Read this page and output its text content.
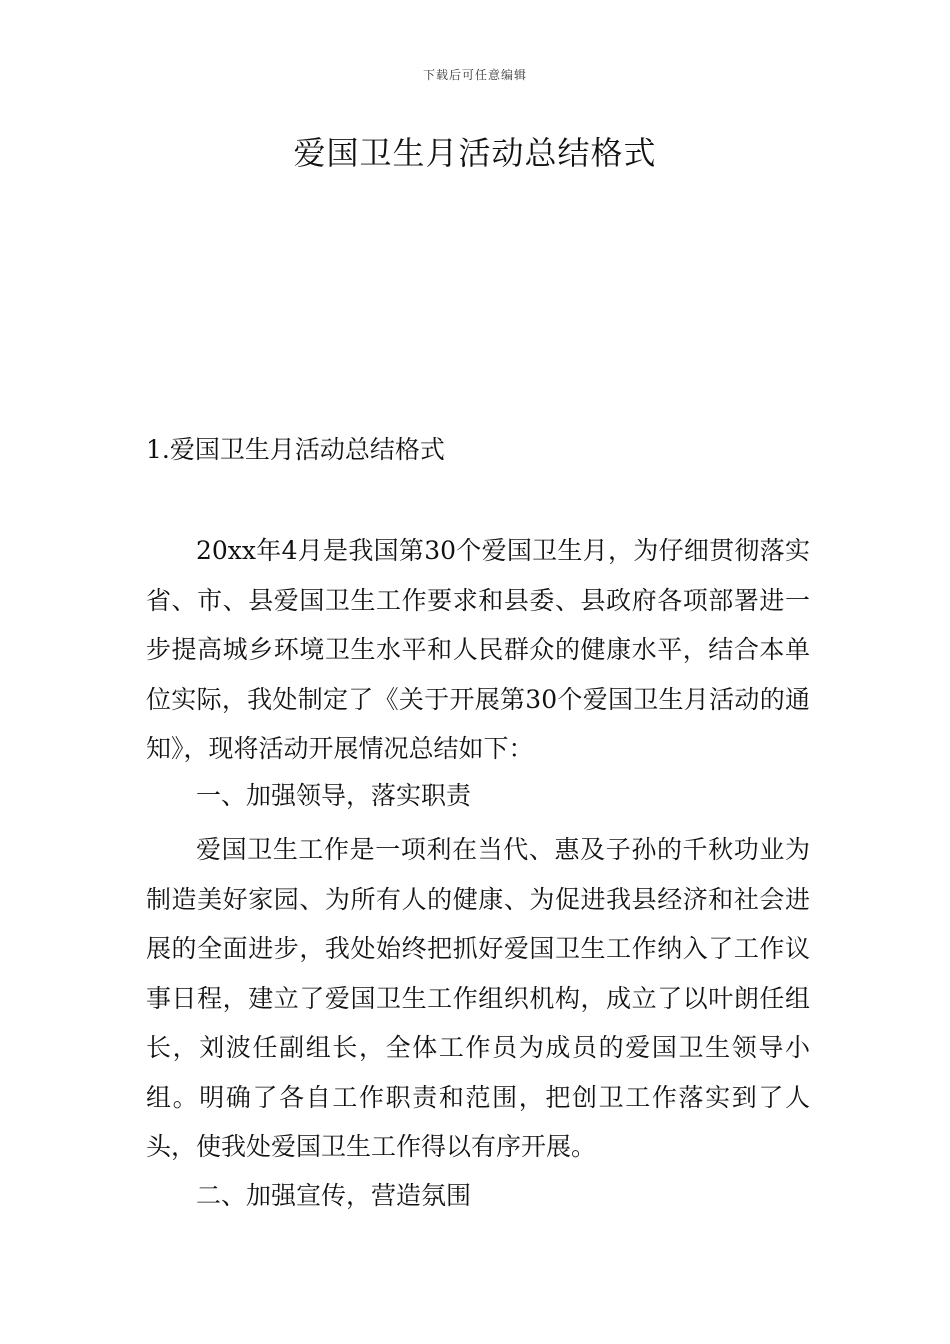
下载后可任意编辑
爱国卫生月活动总结格式
1.爱国卫生月活动总结格式

20xx年4月是我国第30个爱国卫生月，为仔细贯彻落实省、市、县爱国卫生工作要求和县委、县政府各项部署进一步提高城乡环境卫生水平和人民群众的健康水平，结合本单位实际，我处制定了《关于开展第30个爱国卫生月活动的通知》，现将活动开展情况总结如下：

一、加强领导，落实职责

爱国卫生工作是一项利在当代、惠及子孙的千秋功业为制造美好家园、为所有人的健康、为促进我县经济和社会进展的全面进步，我处始终把抓好爱国卫生工作纳入了工作议事日程，建立了爱国卫生工作组织机构，成立了以叶朗任组长，刘波任副组长，全体工作员为成员的爱国卫生领导小组。明确了各自工作职责和范围，把创卫工作落实到了人头，使我处爱国卫生工作得以有序开展。

二、加强宣传，营造氛围
